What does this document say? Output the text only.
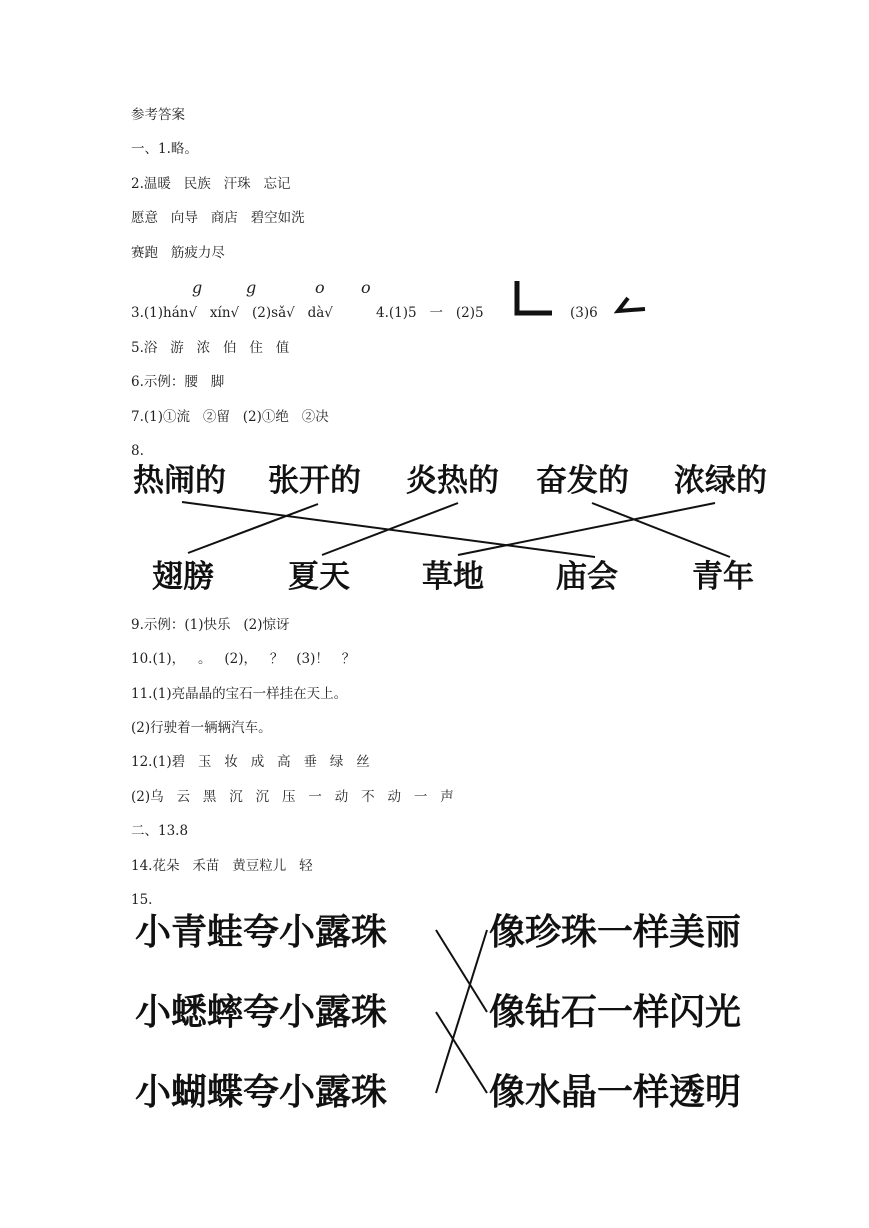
参考答案
一、1.略。
2.温暖   民族   汗珠   忘记
愿意   向导   商店   碧空如洗
赛跑   筋疲力尽
g	g	o o
3.(1)hán√   xín√   (2)sǎ√   dà√	4.(1)5   一   (2)5	(3)6
5.浴   游   浓   伯   住   值
6.示例：腰   脚
7.(1)①流   ②留   (2)①绝   ②决
8.
热闹的 张开的 炎热的 奋发的 浓绿的
翅膀 夏天 草地 庙会 青年
9.示例：(1)快乐   (2)惊讶
10.(1)，   。   (2)，   ？   (3)！   ？
11.(1)亮晶晶的宝石一样挂在天上。
(2)行驶着一辆辆汽车。
12.(1)碧   玉   妆   成   高   垂   绿   丝
(2)乌   云   黑   沉   沉   压   一   动   不   动   一   声
二、13.8
14.花朵   禾苗   黄豆粒儿   轻
15.
小青蛙夸小露珠
小蟋蟀夸小露珠
小蝴蝶夸小露珠
像珍珠一样美丽
像钻石一样闪光
像水晶一样透明
